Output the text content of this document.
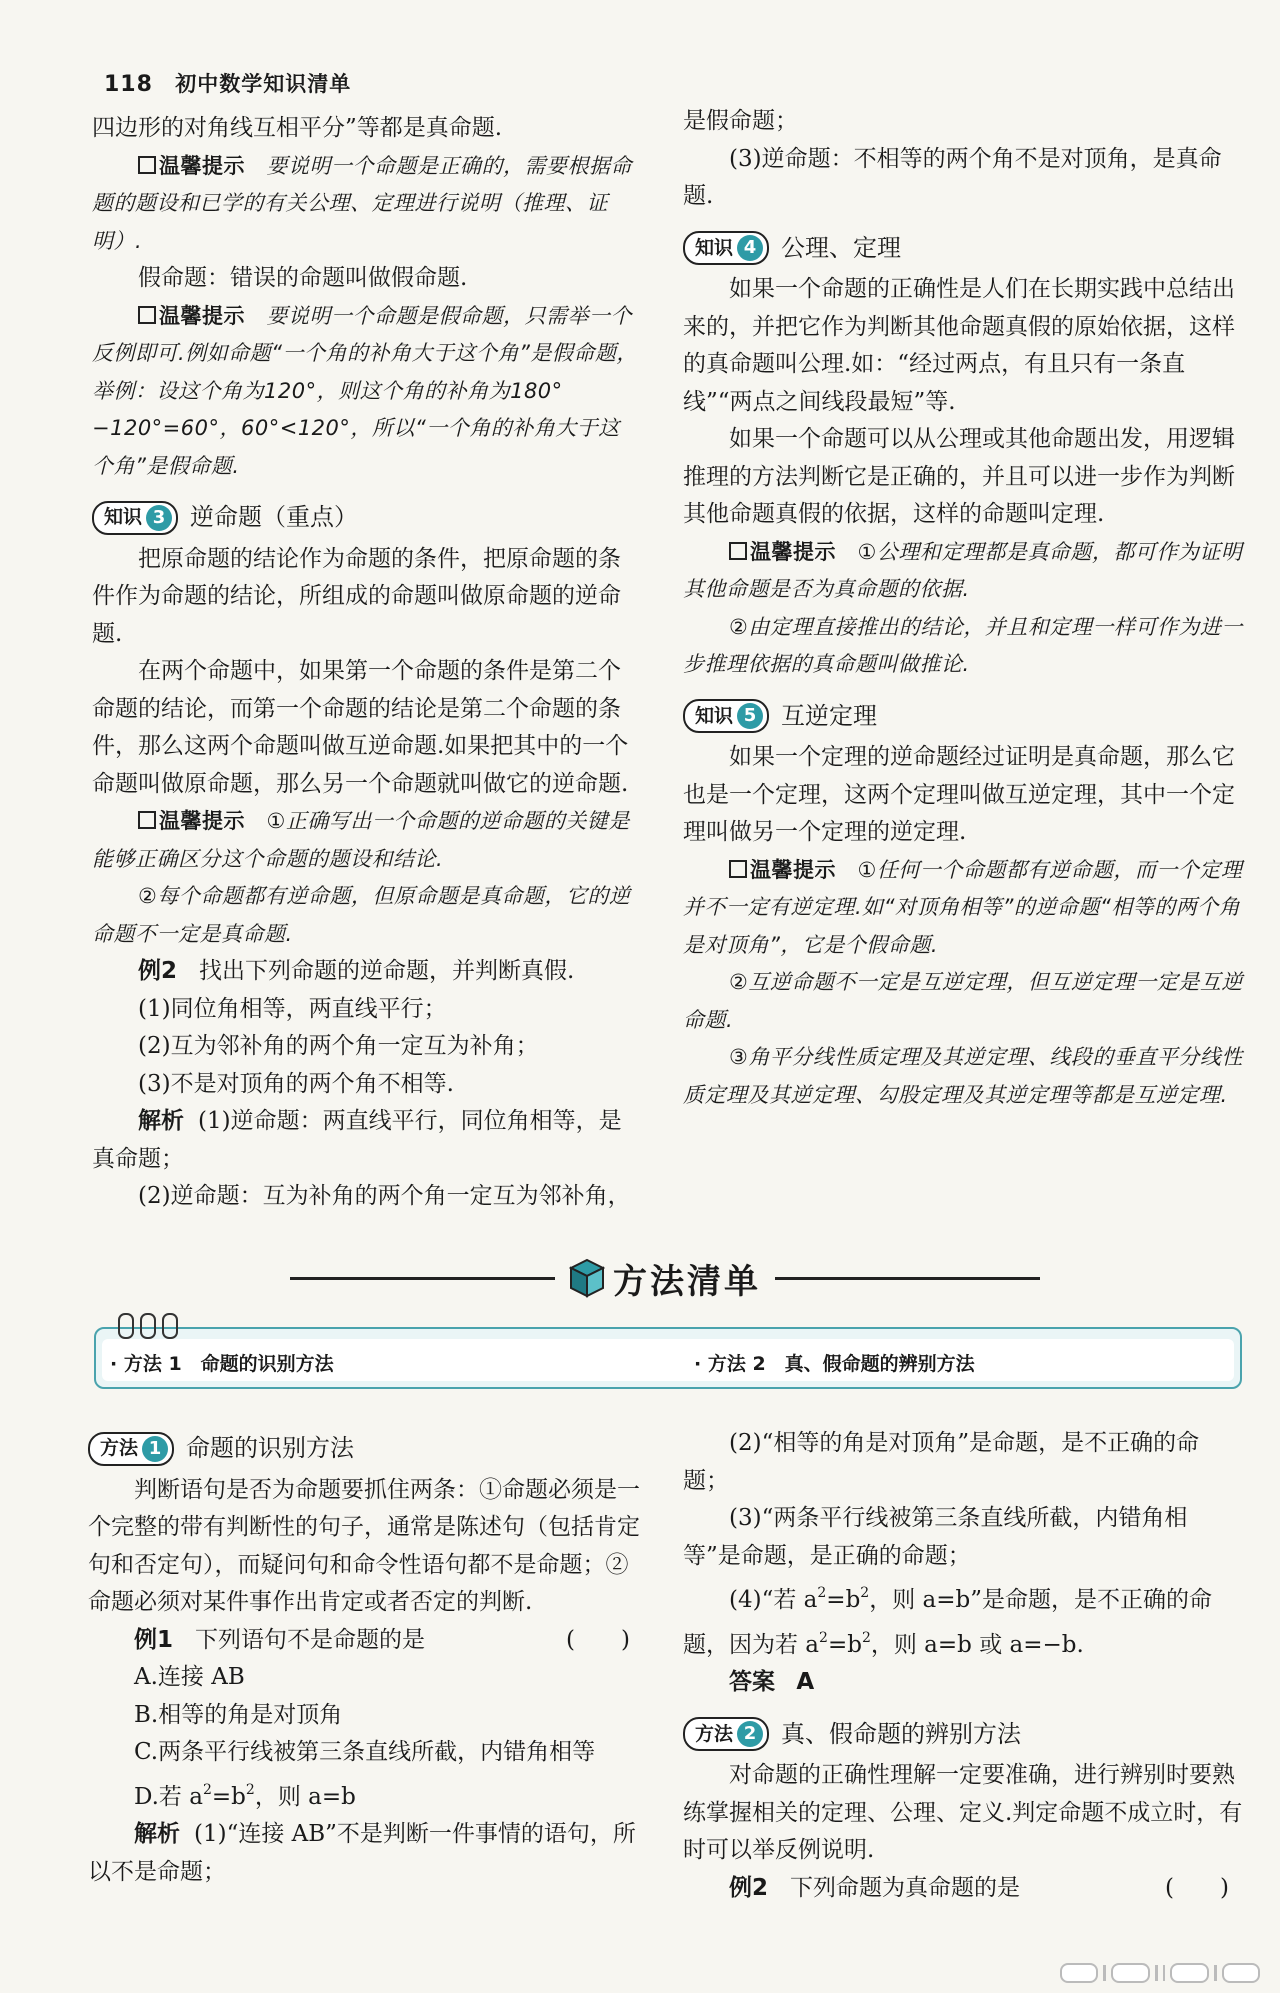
118 初中数学知识清单

四边形的对角线互相平分”等都是真命题.

温馨提示 要说明一个命题是正确的，需要根据命题的题设和已学的有关公理、定理进行说明（推理、证明）.

假命题：错误的命题叫做假命题.

温馨提示 要说明一个命题是假命题，只需举一个反例即可.例如命题“一个角的补角大于这个角”是假命题，举例：设这个角为120°，则这个角的补角为180°−120°=60°，60°<120°，所以“一个角的补角大于这个角”是假命题.

知识 3 逆命题（重点）

把原命题的结论作为命题的条件，把原命题的条件作为命题的结论，所组成的命题叫做原命题的逆命题.

在两个命题中，如果第一个命题的条件是第二个命题的结论，而第一个命题的结论是第二个命题的条件，那么这两个命题叫做互逆命题.如果把其中的一个命题叫做原命题，那么另一个命题就叫做它的逆命题.

温馨提示 ①正确写出一个命题的逆命题的关键是能够正确区分这个命题的题设和结论.

②每个命题都有逆命题，但原命题是真命题，它的逆命题不一定是真命题.

例2 找出下列命题的逆命题，并判断真假.

(1)同位角相等，两直线平行；

(2)互为邻补角的两个角一定互为补角；

(3)不是对顶角的两个角不相等.

解析 (1)逆命题：两直线平行，同位角相等，是真命题；

(2)逆命题：互为补角的两个角一定互为邻补角，

是假命题；

(3)逆命题：不相等的两个角不是对顶角，是真命题.

知识 4 公理、定理

如果一个命题的正确性是人们在长期实践中总结出来的，并把它作为判断其他命题真假的原始依据，这样的真命题叫公理.如：“经过两点，有且只有一条直线”“两点之间线段最短”等.

如果一个命题可以从公理或其他命题出发，用逻辑推理的方法判断它是正确的，并且可以进一步作为判断其他命题真假的依据，这样的命题叫定理.

温馨提示 ①公理和定理都是真命题，都可作为证明其他命题是否为真命题的依据.

②由定理直接推出的结论，并且和定理一样可作为进一步推理依据的真命题叫做推论.

知识 5 互逆定理

如果一个定理的逆命题经过证明是真命题，那么它也是一个定理，这两个定理叫做互逆定理，其中一个定理叫做另一个定理的逆定理.

温馨提示 ①任何一个命题都有逆命题，而一个定理并不一定有逆定理.如“对顶角相等”的逆命题“相等的两个角是对顶角”，它是个假命题.

②互逆命题不一定是互逆定理，但互逆定理一定是互逆命题.

③角平分线性质定理及其逆定理、线段的垂直平分线性质定理及其逆定理、勾股定理及其逆定理等都是互逆定理.

方法清单
· 方法 1　命题的识别方法	· 方法 2　真、假命题的辨别方法
方法 1 命题的识别方法

判断语句是否为命题要抓住两条：①命题必须是一个完整的带有判断性的句子，通常是陈述句（包括肯定句和否定句），而疑问句和命令性语句都不是命题；②命题必须对某件事作出肯定或者否定的判断.

例1 下列语句不是命题的是	(　　)

A.连接 AB

B.相等的角是对顶角

C.两条平行线被第三条直线所截，内错角相等

D.若 $a^2=b^2$，则 a=b

解析 (1)“连接 AB”不是判断一件事情的语句，所以不是命题；

(2)“相等的角是对顶角”是命题，是不正确的命题；

(3)“两条平行线被第三条直线所截，内错角相等”是命题，是正确的命题；

(4)“若 $a^2=b^2$，则 a=b”是命题，是不正确的命题，因为若 $a^2=b^2$，则 a=b 或 a=−b.

答案 A

方法 2 真、假命题的辨别方法

对命题的正确性理解一定要准确，进行辨别时要熟练掌握相关的定理、公理、定义.判定命题不成立时，有时可以举反例说明.

例2 下列命题为真命题的是	(　　)
